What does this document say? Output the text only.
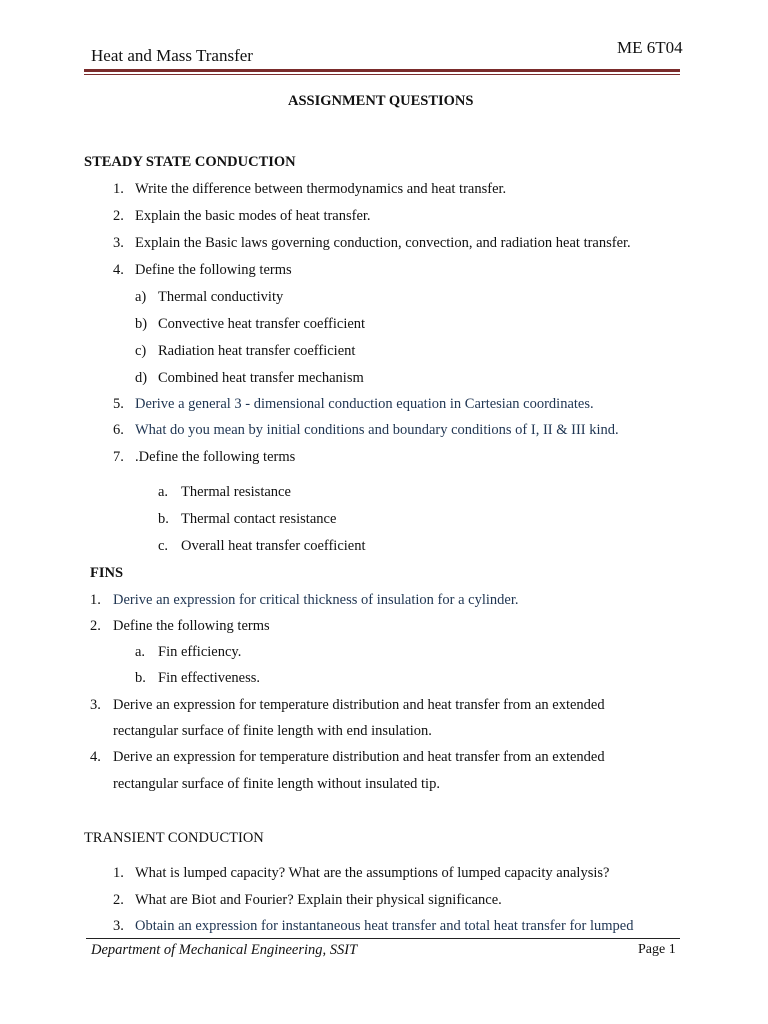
Heat and Mass Transfer	ME 6T04
ASSIGNMENT QUESTIONS
STEADY STATE CONDUCTION
1. Write the difference between thermodynamics and heat transfer.
2. Explain the basic modes of heat transfer.
3. Explain the Basic laws governing conduction, convection, and radiation heat transfer.
4. Define the following terms
a) Thermal conductivity
b) Convective heat transfer coefficient
c) Radiation heat transfer coefficient
d) Combined heat transfer mechanism
5. Derive a general 3 - dimensional conduction equation in Cartesian coordinates.
6. What do you mean by initial conditions and boundary conditions of I, II & III kind.
7. .Define the following terms
a. Thermal resistance
b. Thermal contact resistance
c. Overall heat transfer coefficient
FINS
1. Derive an expression for critical thickness of insulation for a cylinder.
2. Define the following terms
a. Fin efficiency.
b. Fin effectiveness.
3. Derive an expression for temperature distribution and heat transfer from an extended
rectangular surface of finite length with end insulation.
4. Derive an expression for temperature distribution and heat transfer from an extended
rectangular surface of finite length without insulated tip.
TRANSIENT CONDUCTION
1. What is lumped capacity? What are the assumptions of lumped capacity analysis?
2. What are Biot and Fourier? Explain their physical significance.
3. Obtain an expression for instantaneous heat transfer and total heat transfer for lumped
Department of Mechanical Engineering, SSIT	Page 1
